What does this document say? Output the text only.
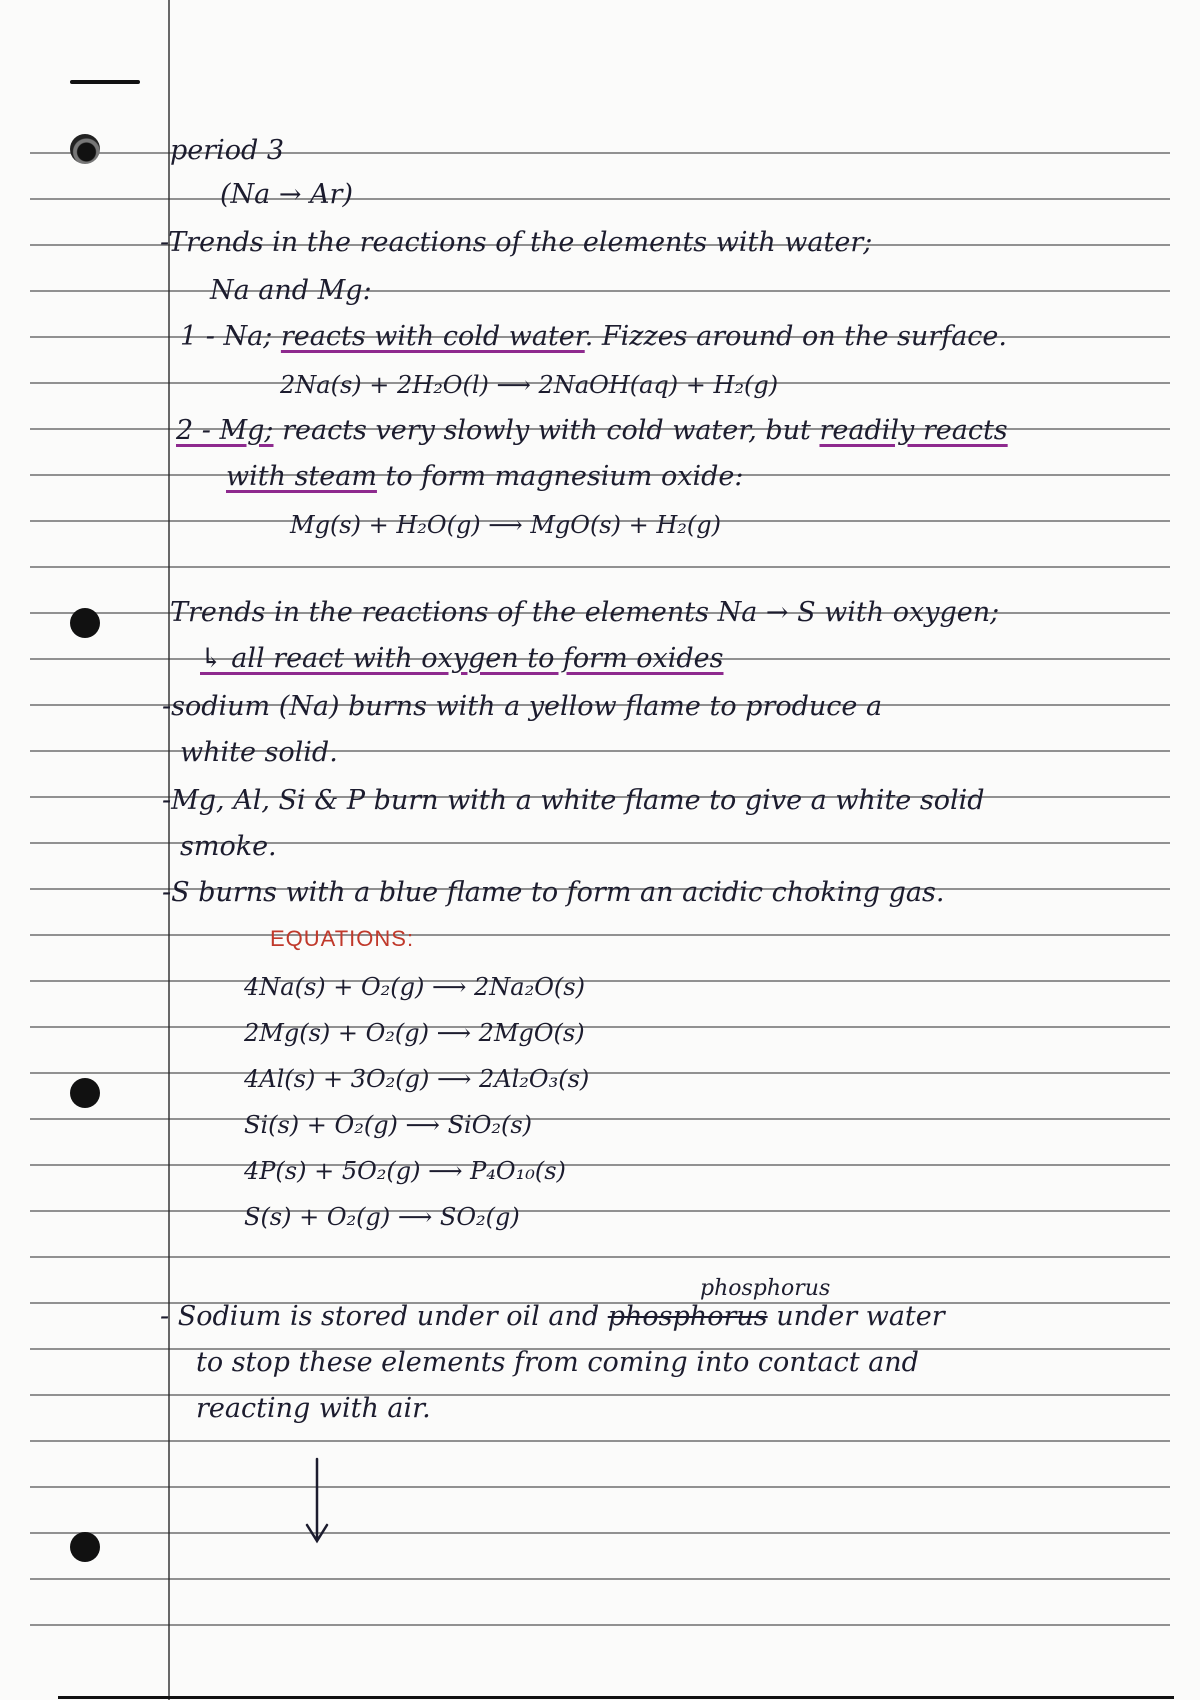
period 3
(Na → Ar)
-Trends in the reactions of the elements with water;
Na and Mg:
1 - Na; reacts with cold water. Fizzes around on the surface.
2Na(s) + 2H₂O(l) ⟶ 2NaOH(aq) + H₂(g)
2 - Mg; reacts very slowly with cold water, but readily reacts
with steam to form magnesium oxide:
Mg(s) + H₂O(g) ⟶ MgO(s) + H₂(g)
Trends in the reactions of the elements Na → S with oxygen;
↳ all react with oxygen to form oxides
-sodium (Na) burns with a yellow flame to produce a
white solid.
-Mg, Al, Si & P burn with a white flame to give a white solid
smoke.
-S burns with a blue flame to form an acidic choking gas.
EQUATIONS:
4Na(s) + O₂(g) ⟶ 2Na₂O(s)
2Mg(s) + O₂(g) ⟶ 2MgO(s)
4Al(s) + 3O₂(g) ⟶ 2Al₂O₃(s)
Si(s) + O₂(g) ⟶ SiO₂(s)
4P(s) + 5O₂(g) ⟶ P₄O₁₀(s)
S(s) + O₂(g) ⟶ SO₂(g)
phosphorus
- Sodium is stored under oil and phosphorus under water
to stop these elements from coming into contact and
reacting with air.
